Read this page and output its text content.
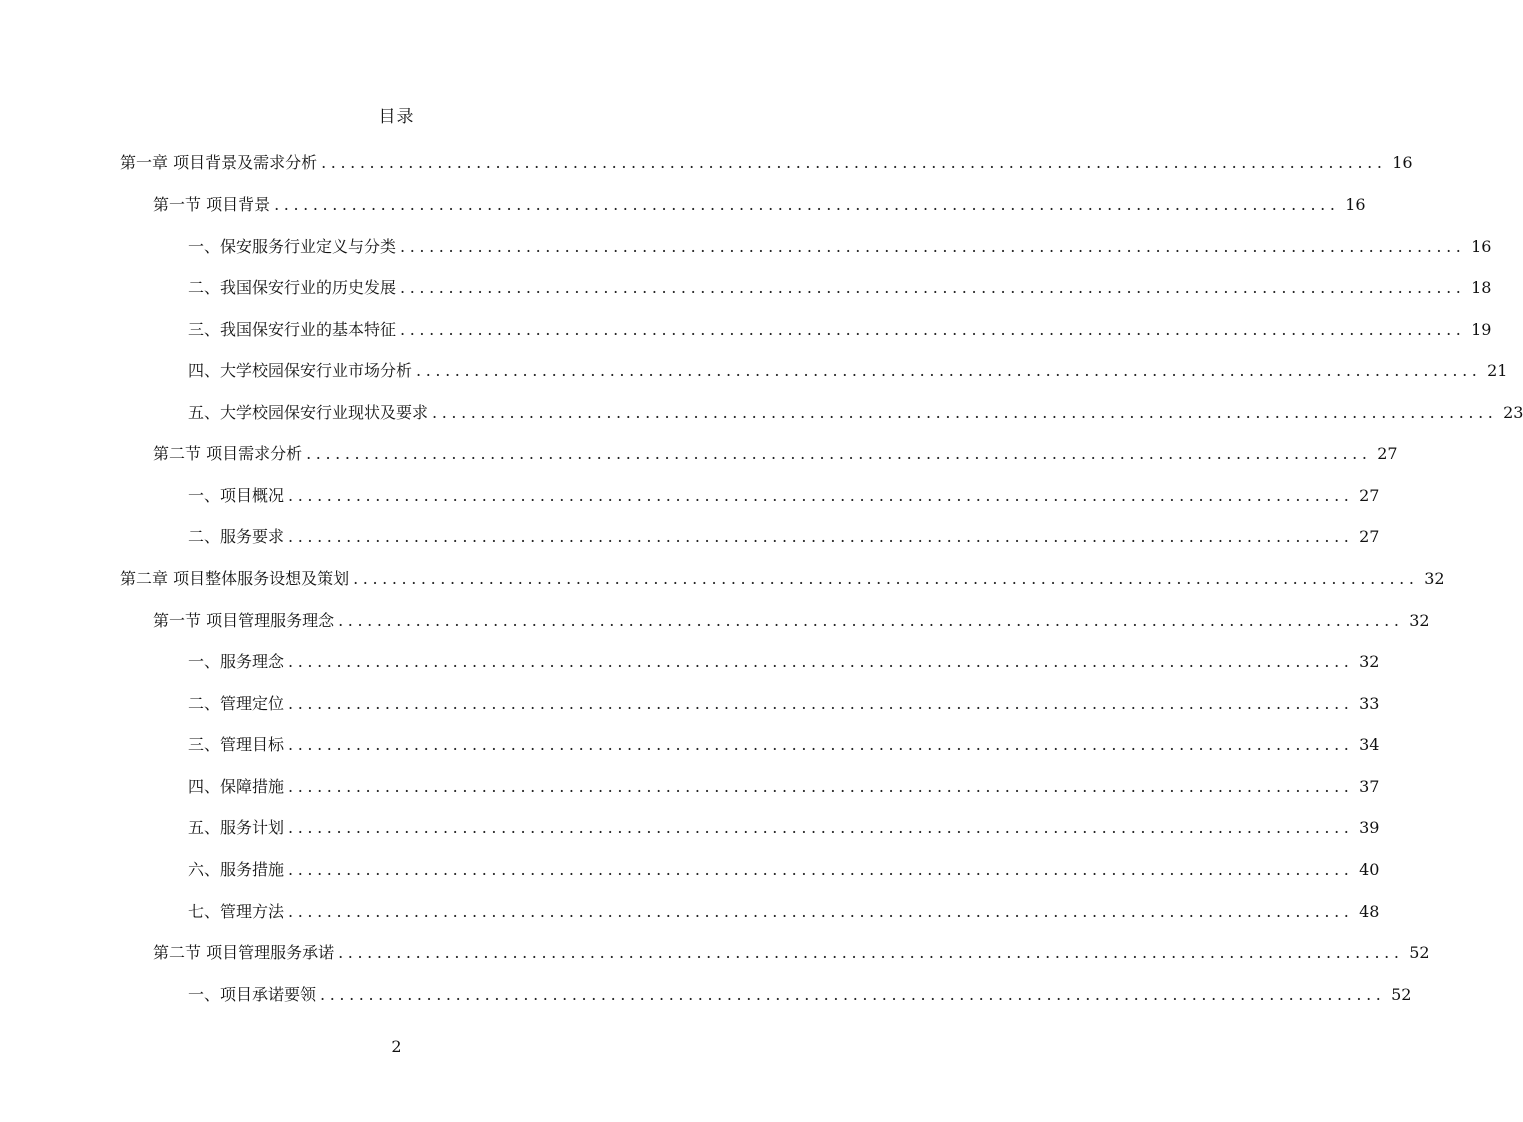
目录
第一章 项目背景及需求分析 .............................................................................................................. 16
第一节 项目背景 .............................................................................................................. 16
一、保安服务行业定义与分类 .............................................................................................................. 16
二、我国保安行业的历史发展 .............................................................................................................. 18
三、我国保安行业的基本特征 .............................................................................................................. 19
四、大学校园保安行业市场分析 .............................................................................................................. 21
五、大学校园保安行业现状及要求 .............................................................................................................. 23
第二节 项目需求分析 .............................................................................................................. 27
一、项目概况 .............................................................................................................. 27
二、服务要求 .............................................................................................................. 27
第二章 项目整体服务设想及策划 .............................................................................................................. 32
第一节 项目管理服务理念 .............................................................................................................. 32
一、服务理念 .............................................................................................................. 32
二、管理定位 .............................................................................................................. 33
三、管理目标 .............................................................................................................. 34
四、保障措施 .............................................................................................................. 37
五、服务计划 .............................................................................................................. 39
六、服务措施 .............................................................................................................. 40
七、管理方法 .............................................................................................................. 48
第二节 项目管理服务承诺 .............................................................................................................. 52
一、项目承诺要领 .............................................................................................................. 52
2
